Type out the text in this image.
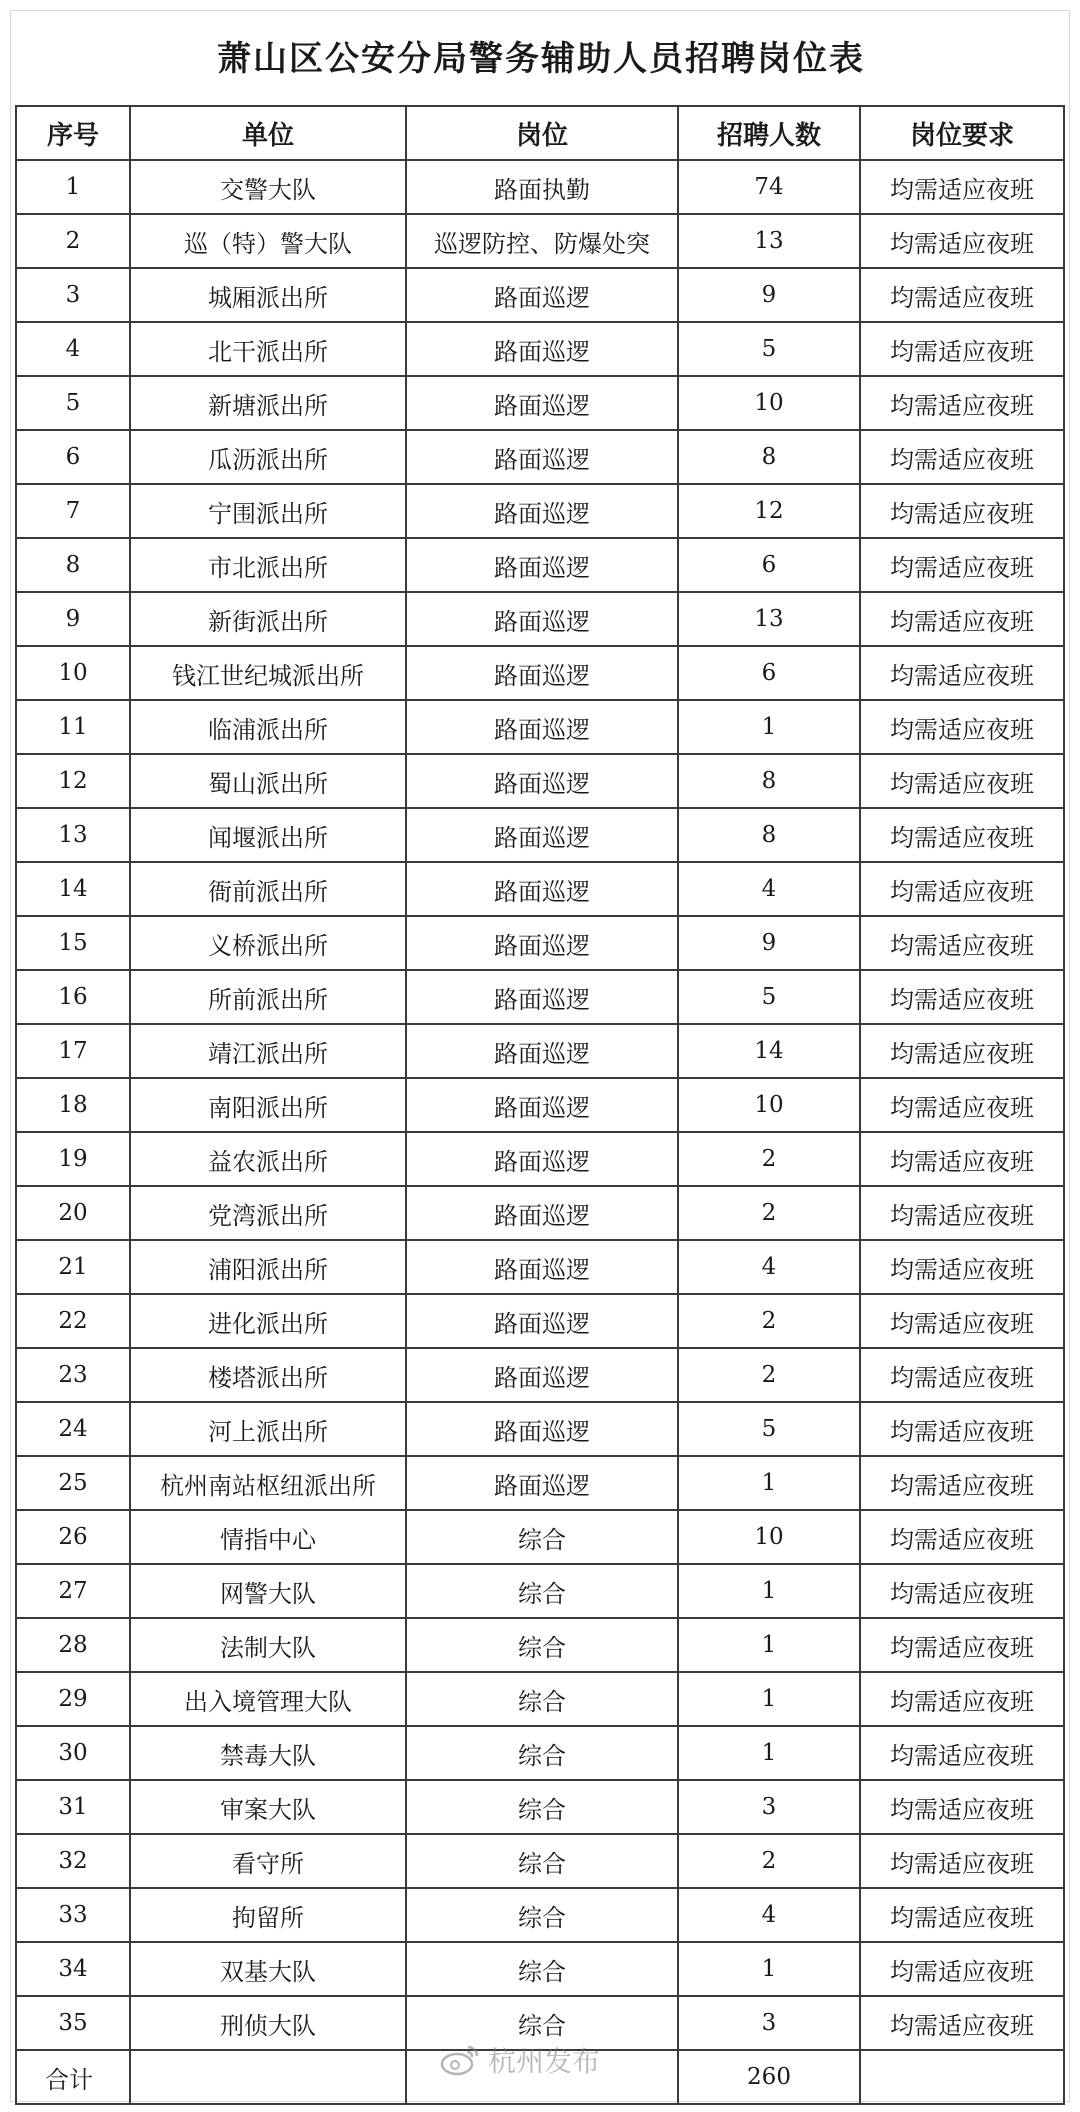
萧山区公安分局警务辅助人员招聘岗位表
序号	单位	岗位	招聘人数	岗位要求
1	交警大队	路面执勤	74	均需适应夜班
2	巡（特）警大队	巡逻防控、防爆处突	13	均需适应夜班
3	城厢派出所	路面巡逻	9	均需适应夜班
4	北干派出所	路面巡逻	5	均需适应夜班
5	新塘派出所	路面巡逻	10	均需适应夜班
6	瓜沥派出所	路面巡逻	8	均需适应夜班
7	宁围派出所	路面巡逻	12	均需适应夜班
8	市北派出所	路面巡逻	6	均需适应夜班
9	新街派出所	路面巡逻	13	均需适应夜班
10	钱江世纪城派出所	路面巡逻	6	均需适应夜班
11	临浦派出所	路面巡逻	1	均需适应夜班
12	蜀山派出所	路面巡逻	8	均需适应夜班
13	闻堰派出所	路面巡逻	8	均需适应夜班
14	衙前派出所	路面巡逻	4	均需适应夜班
15	义桥派出所	路面巡逻	9	均需适应夜班
16	所前派出所	路面巡逻	5	均需适应夜班
17	靖江派出所	路面巡逻	14	均需适应夜班
18	南阳派出所	路面巡逻	10	均需适应夜班
19	益农派出所	路面巡逻	2	均需适应夜班
20	党湾派出所	路面巡逻	2	均需适应夜班
21	浦阳派出所	路面巡逻	4	均需适应夜班
22	进化派出所	路面巡逻	2	均需适应夜班
23	楼塔派出所	路面巡逻	2	均需适应夜班
24	河上派出所	路面巡逻	5	均需适应夜班
25	杭州南站枢纽派出所	路面巡逻	1	均需适应夜班
26	情指中心	综合	10	均需适应夜班
27	网警大队	综合	1	均需适应夜班
28	法制大队	综合	1	均需适应夜班
29	出入境管理大队	综合	1	均需适应夜班
30	禁毒大队	综合	1	均需适应夜班
31	审案大队	综合	3	均需适应夜班
32	看守所	综合	2	均需适应夜班
33	拘留所	综合	4	均需适应夜班
34	双基大队	综合	1	均需适应夜班
35	刑侦大队	综合	3	均需适应夜班
合计			260	
杭州发布
